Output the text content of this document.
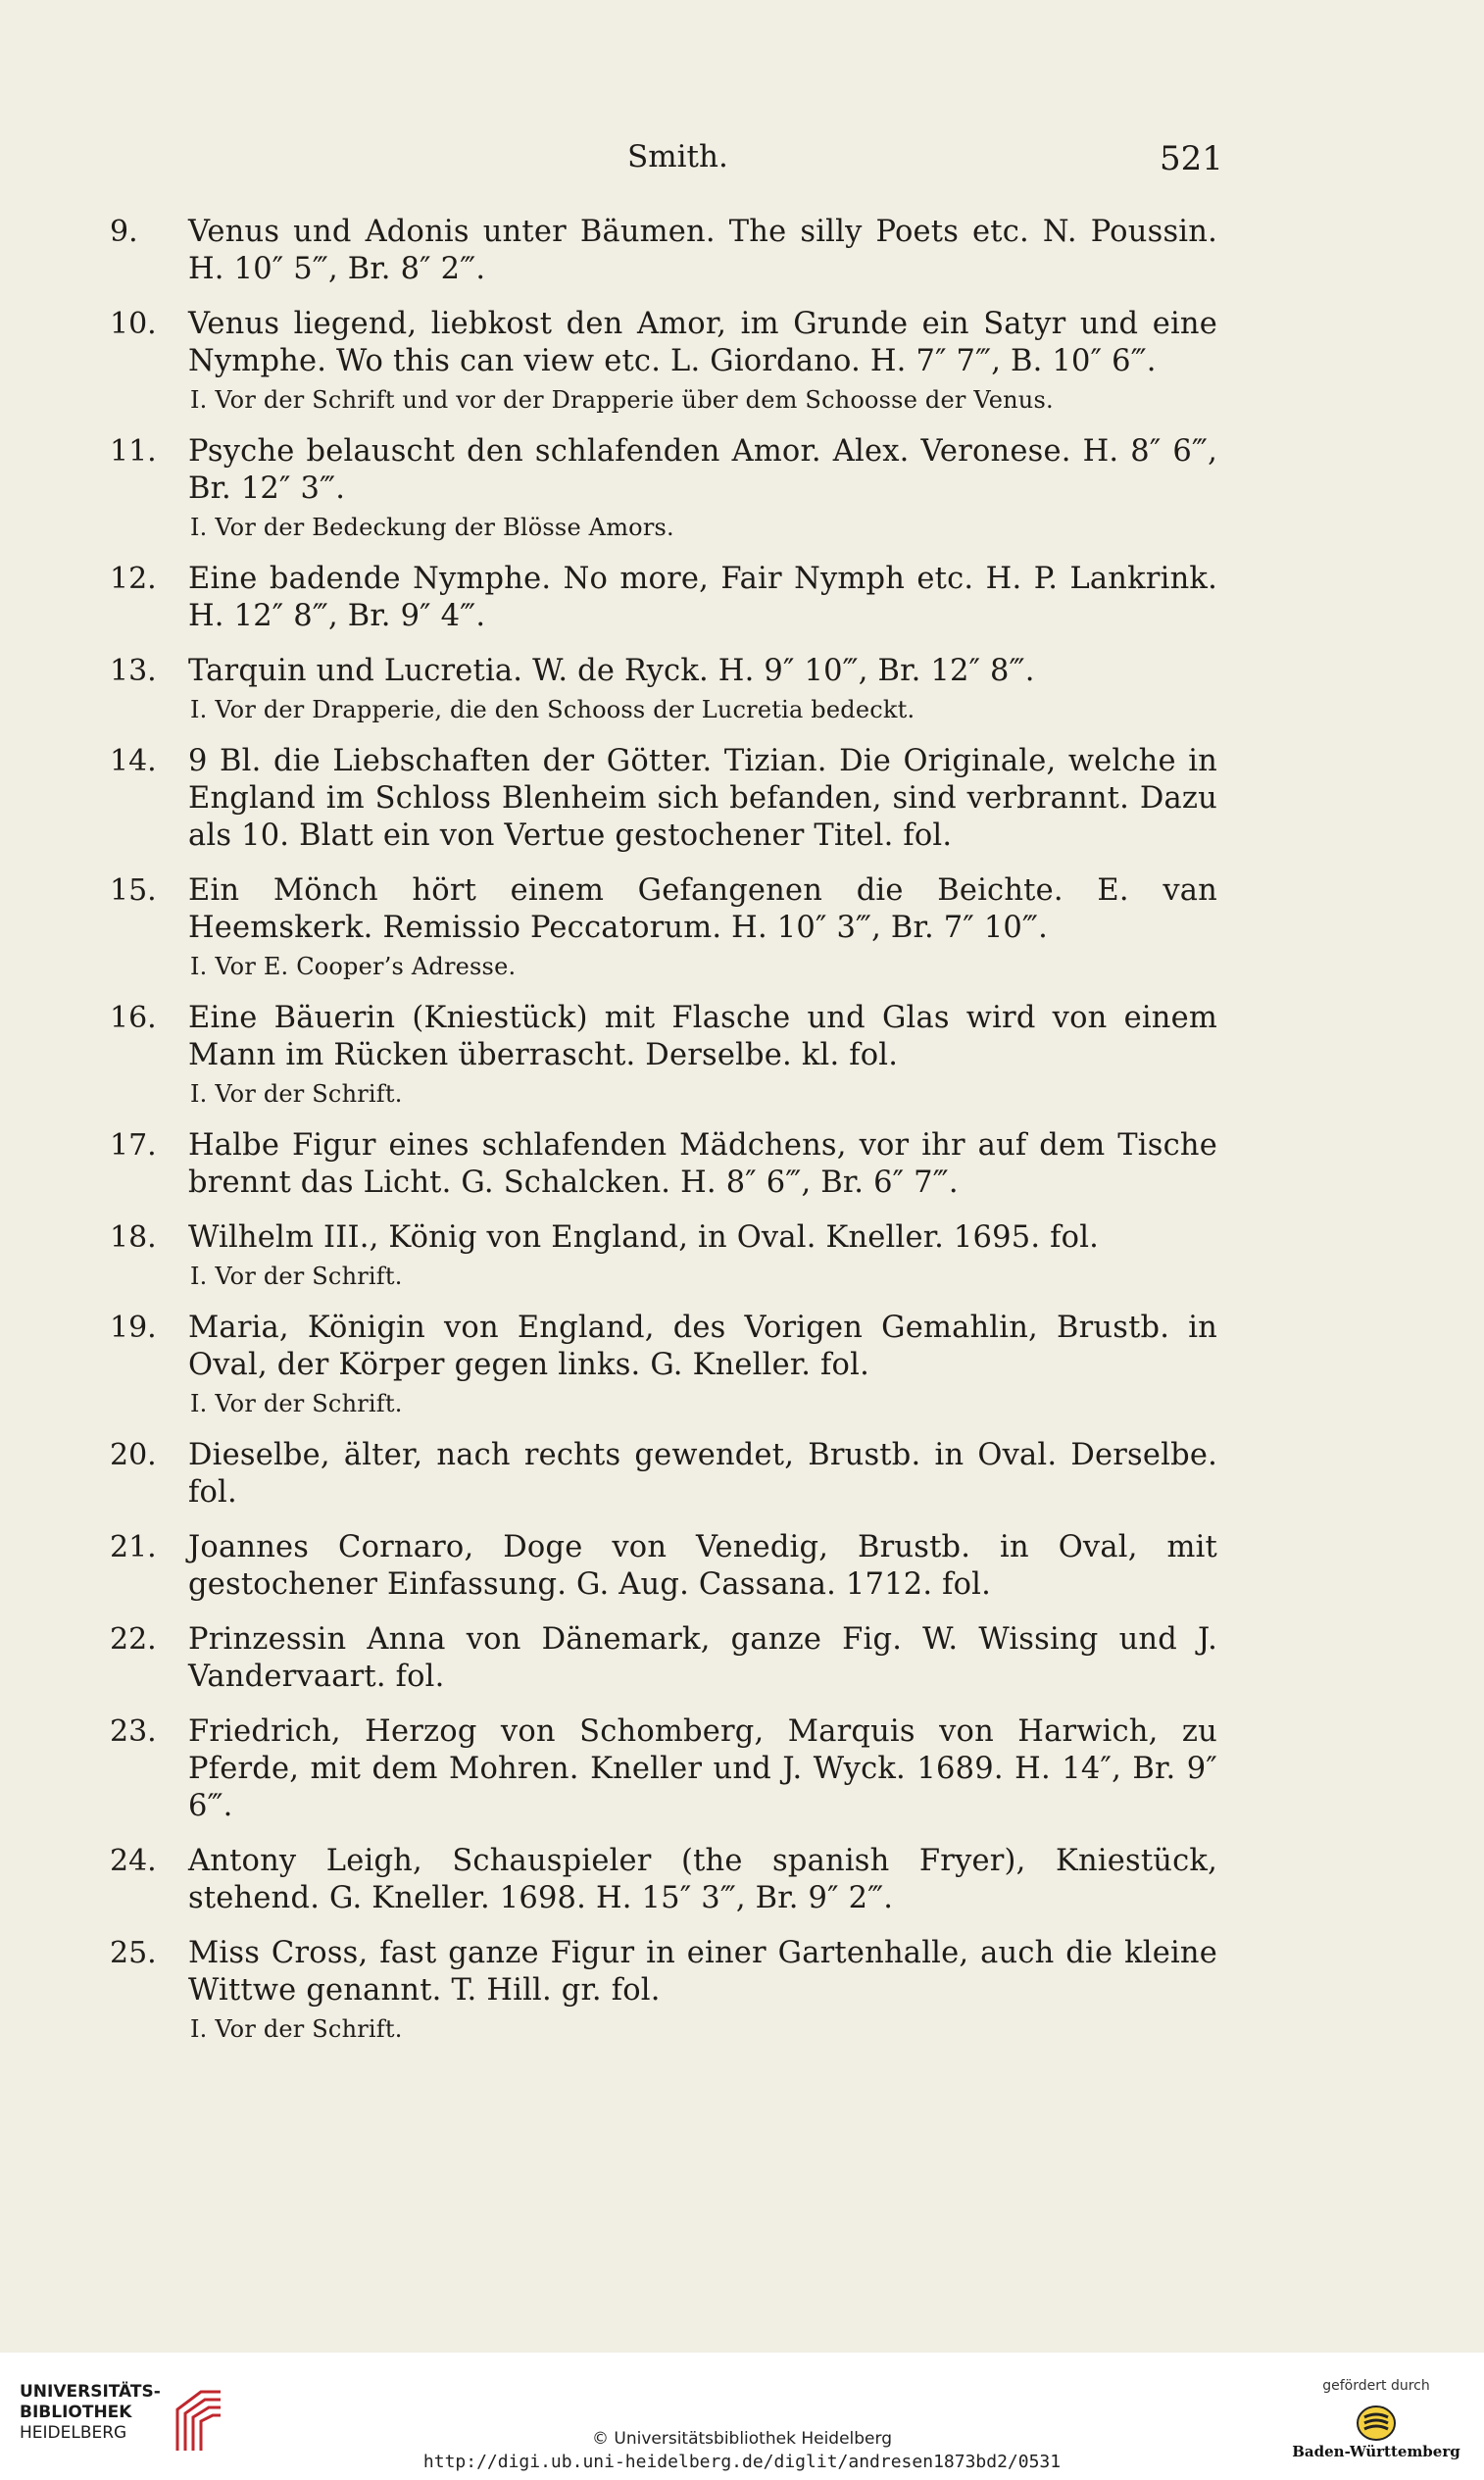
Smith.	521
9.	Venus und Adonis unter Bäumen. The silly Poets etc. N. Poussin. H. 10″ 5‴, Br. 8″ 2‴.
10.	Venus liegend, liebkost den Amor, im Grunde ein Satyr und eine Nymphe. Wo this can view etc. L. Giordano. H. 7″ 7‴, B. 10″ 6‴.
I. Vor der Schrift und vor der Drapperie über dem Schoosse der Venus.
11.	Psyche belauscht den schlafenden Amor. Alex. Veronese. H. 8″ 6‴, Br. 12″ 3‴.
I. Vor der Bedeckung der Blösse Amors.
12.	Eine badende Nymphe. No more, Fair Nymph etc. H. P. Lankrink. H. 12″ 8‴, Br. 9″ 4‴.
13.	Tarquin und Lucretia. W. de Ryck. H. 9″ 10‴, Br. 12″ 8‴.
I. Vor der Drapperie, die den Schooss der Lucretia bedeckt.
14.	9 Bl. die Liebschaften der Götter. Tizian. Die Originale, welche in England im Schloss Blenheim sich befanden, sind verbrannt. Dazu als 10. Blatt ein von Vertue gestochener Titel. fol.
15.	Ein Mönch hört einem Gefangenen die Beichte. E. van Heemskerk. Remissio Peccatorum. H. 10″ 3‴, Br. 7″ 10‴.
I. Vor E. Cooper’s Adresse.
16.	Eine Bäuerin (Kniestück) mit Flasche und Glas wird von einem Mann im Rücken überrascht. Derselbe. kl. fol.
I. Vor der Schrift.
17.	Halbe Figur eines schlafenden Mädchens, vor ihr auf dem Tische brennt das Licht. G. Schalcken. H. 8″ 6‴, Br. 6″ 7‴.
18.	Wilhelm III., König von England, in Oval. Kneller. 1695. fol.
I. Vor der Schrift.
19.	Maria, Königin von England, des Vorigen Gemahlin, Brustb. in Oval, der Körper gegen links. G. Kneller. fol.
I. Vor der Schrift.
20.	Dieselbe, älter, nach rechts gewendet, Brustb. in Oval. Derselbe. fol.
21.	Joannes Cornaro, Doge von Venedig, Brustb. in Oval, mit gestochener Einfassung. G. Aug. Cassana. 1712. fol.
22.	Prinzessin Anna von Dänemark, ganze Fig. W. Wissing und J. Vandervaart. fol.
23.	Friedrich, Herzog von Schomberg, Marquis von Harwich, zu Pferde, mit dem Mohren. Kneller und J. Wyck. 1689. H. 14″, Br. 9″ 6‴.
24.	Antony Leigh, Schauspieler (the spanish Fryer), Kniestück, stehend. G. Kneller. 1698. H. 15″ 3‴, Br. 9″ 2‴.
25.	Miss Cross, fast ganze Figur in einer Gartenhalle, auch die kleine Wittwe genannt. T. Hill. gr. fol.
I. Vor der Schrift.
UNIVERSITÄTS-
BIBLIOTHEK
HEIDELBERG	© Universitätsbibliothek Heidelberg
http://digi.ub.uni-heidelberg.de/diglit/andresen1873bd2/0531
gefördert durch
Baden-Württemberg
